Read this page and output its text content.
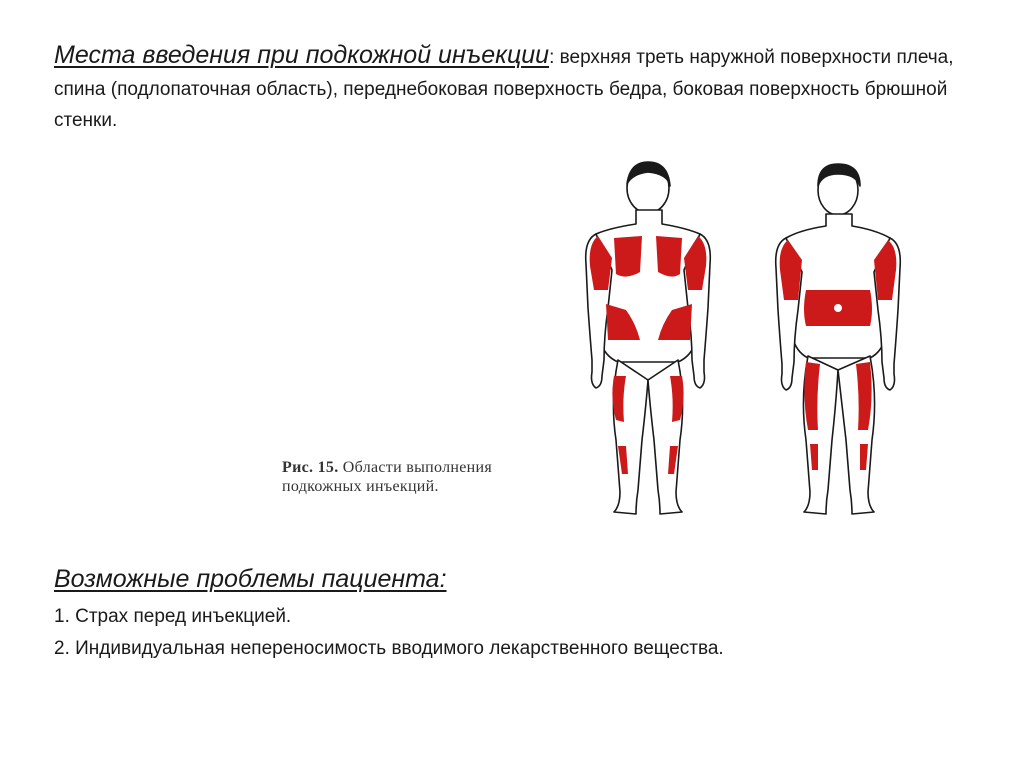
Места введения при подкожной инъекции: верхняя треть наружной поверхности плеча, спина (подлопаточная область), переднебоковая поверхность бедра, боковая поверхность брюшной стенки.
Рис. 15. Области выполнения подкожных инъекций.
Возможные проблемы пациента:
1. Страх перед инъекцией.
2. Индивидуальная непереносимость вводимого лекарственного вещества.
